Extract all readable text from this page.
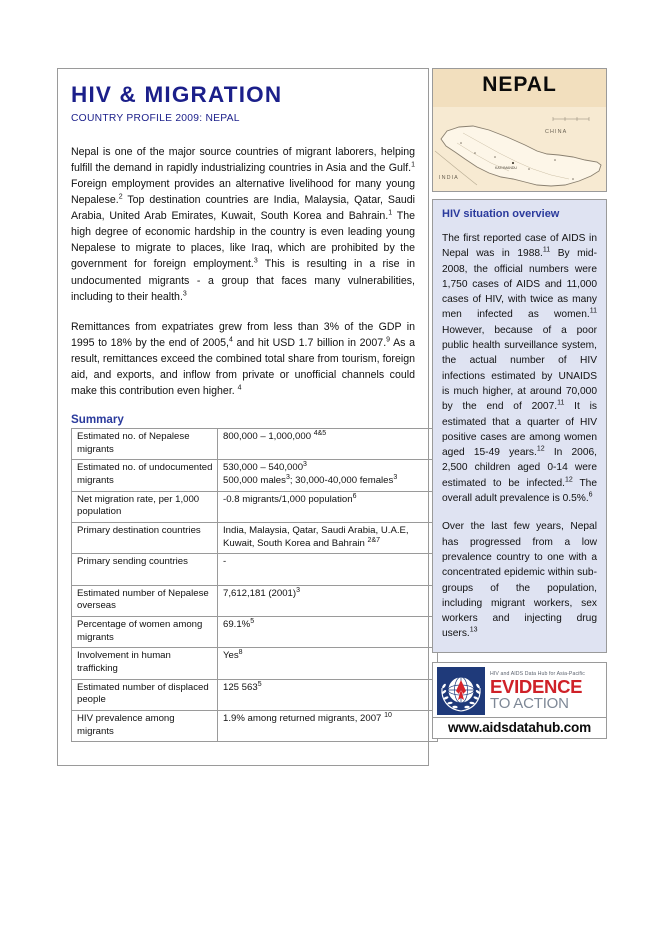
HIV & MIGRATION
COUNTRY PROFILE 2009: NEPAL

Nepal is one of the major source countries of migrant laborers, helping fulfill the demand in rapidly industrializing countries in Asia and the Gulf.$^1$ Foreign employment provides an alternative livelihood for many young Nepalese.$^2$ Top destination countries are India, Malaysia, Qatar, Saudi Arabia, United Arab Emirates, Kuwait, South Korea and Bahrain.$^1$ The high degree of economic hardship in the country is even leading young Nepalese to migrate to places, like Iraq, which are prohibited by the government for foreign employment.$^3$ This is resulting in a rise in undocumented migrants - a group that faces many vulnerabilities, including to their health.$^3$

Remittances from expatriates grew from less than 3% of the GDP in 1995 to 18% by the end of 2005,$^4$ and hit USD 1.7 billion in 2007.$^9$ As a result, remittances exceed the combined total share from tourism, foreign aid, and exports, and inflow from private or unofficial channels could make this contribution even higher. $^4$

Summary
Estimated no. of Nepalese migrants	800,000 – 1,000,000 $^{4\&5}$

Estimated no. of undocumented migrants	530,000 – 540,000$^3$
500,000 males$^3$; 30,000-40,000 females$^3$
Net migration rate, per 1,000 population	-0.8 migrants/1,000 population$^6$

Primary destination countries	India, Malaysia, Qatar, Saudi Arabia, U.A.E,
Kuwait, South Korea and Bahrain $^{2\&7}$
Primary sending countries	-

Estimated number of Nepalese overseas	7,612,181 $(2001)^3$

Percentage of women among migrants	69.1%$^5$

Involvement in human trafficking	Yes$^8$

Estimated number of displaced people	125 $563^5$

HIV prevalence among migrants	1.9% among returned migrants, 2007 $^{10}$

NEPAL
CHINA
INDIA
KATHMANDU
HIV situation overview

The first reported case of AIDS in Nepal was in 1988.11 By mid-2008, the official numbers were 1,750 cases of AIDS and 11,000 cases of HIV, with twice as many men infected as women.$^{11}$ However, because of a poor public health surveillance system, the actual number of HIV infections estimated by UNAIDS is much higher, at around 70,000 by the end of 2007.11 It is estimated that a quarter of HIV positive cases are among women aged 15-49 years.$^{12}$ In 2006, 2,500 children aged 0-14 were estimated to be infected.$^{12}$ The overall adult prevalence is 0.5%.$^6$

Over the last few years, Nepal has progressed from a low prevalence country to one with a concentrated epidemic within sub-groups of the population, including migrant workers, sex workers and injecting drug users.$^{13}$

HIV and AIDS Data Hub for Asia-Pacific
EVIDENCE
TO ACTION
www.aidsdatahub.com
